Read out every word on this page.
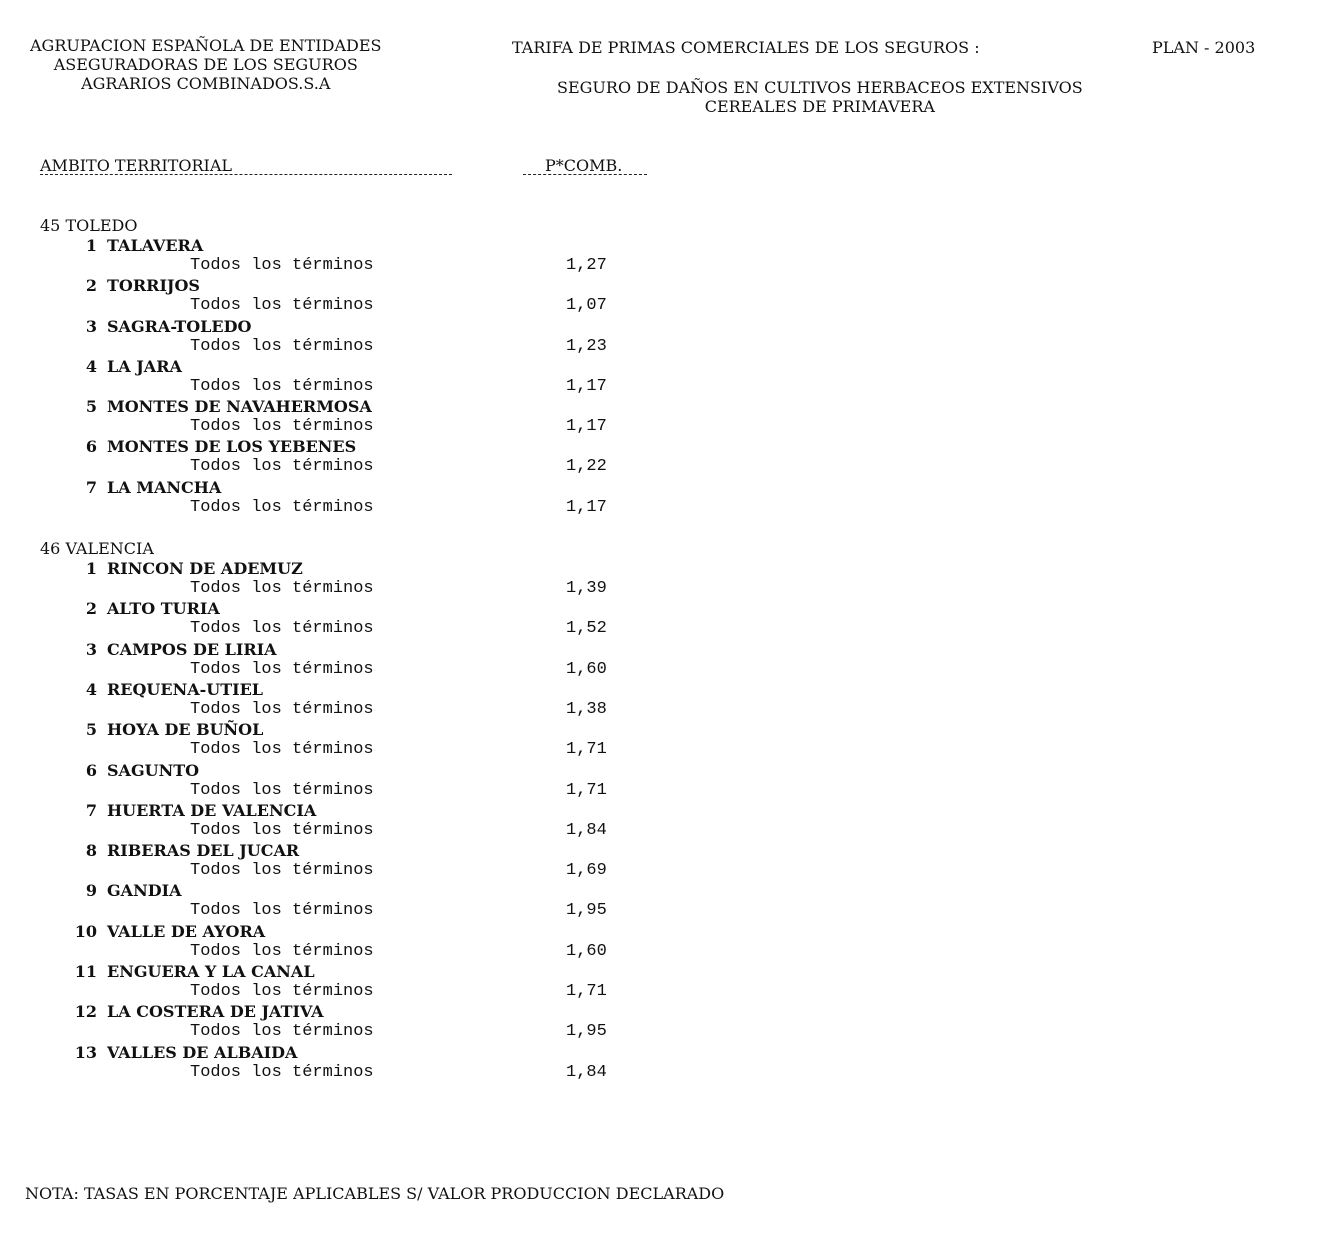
AGRUPACION ESPAÑOLA DE ENTIDADES
ASEGURADORAS DE LOS SEGUROS
AGRARIOS COMBINADOS.S.A
TARIFA DE PRIMAS COMERCIALES DE LOS SEGUROS :	PLAN - 2003
SEGURO DE DAÑOS EN CULTIVOS HERBACEOS EXTENSIVOS
CEREALES DE PRIMAVERA
AMBITO TERRITORIAL	P*COMB.
45 TOLEDO
1 TALAVERA
Todos los términos	1,27
2 TORRIJOS
Todos los términos	1,07
3 SAGRA-TOLEDO
Todos los términos	1,23
4 LA JARA
Todos los términos	1,17
5 MONTES DE NAVAHERMOSA
Todos los términos	1,17
6 MONTES DE LOS YEBENES
Todos los términos	1,22
7 LA MANCHA
Todos los términos	1,17
46 VALENCIA
1 RINCON DE ADEMUZ
Todos los términos	1,39
2 ALTO TURIA
Todos los términos	1,52
3 CAMPOS DE LIRIA
Todos los términos	1,60
4 REQUENA-UTIEL
Todos los términos	1,38
5 HOYA DE BUÑOL
Todos los términos	1,71
6 SAGUNTO
Todos los términos	1,71
7 HUERTA DE VALENCIA
Todos los términos	1,84
8 RIBERAS DEL JUCAR
Todos los términos	1,69
9 GANDIA
Todos los términos	1,95
10 VALLE DE AYORA
Todos los términos	1,60
11 ENGUERA Y LA CANAL
Todos los términos	1,71
12 LA COSTERA DE JATIVA
Todos los términos	1,95
13 VALLES DE ALBAIDA
Todos los términos	1,84
NOTA: TASAS EN PORCENTAJE APLICABLES S/ VALOR PRODUCCION DECLARADO
